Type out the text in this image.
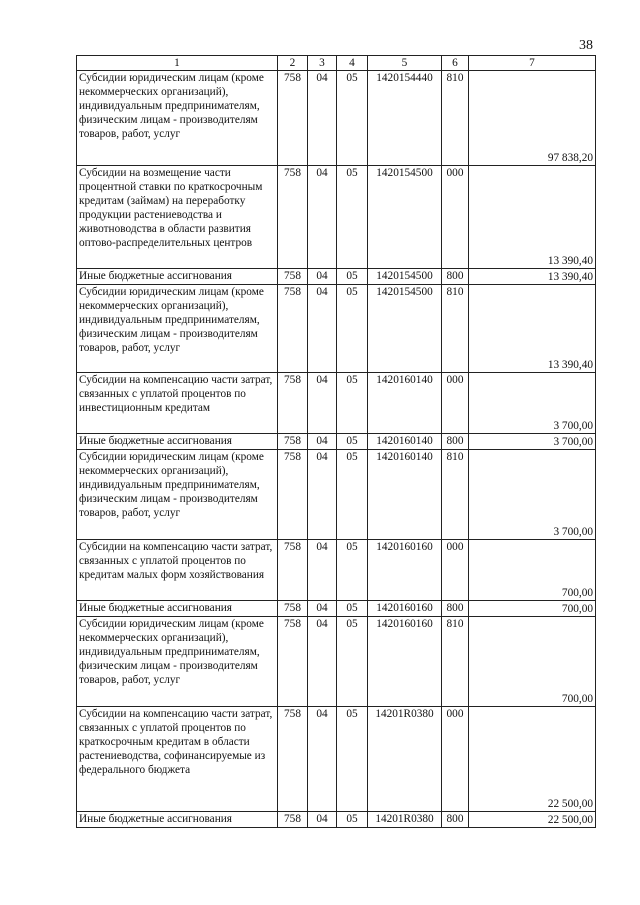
38
1	2	3	4	5	6	7
Субсидии юридическим лицам (кроме некоммерческих организаций), индивидуальным предпринимателям, физическим лицам - производителям товаров, работ, услуг	758	04	05	1420154440	810	97 838,20
Субсидии на возмещение части процентной ставки по краткосрочным кредитам (займам) на переработку продукции растениеводства и животноводства в области развития оптово-распределительных центров	758	04	05	1420154500	000	13 390,40
Иные бюджетные ассигнования	758	04	05	1420154500	800	13 390,40
Субсидии юридическим лицам (кроме некоммерческих организаций), индивидуальным предпринимателям, физическим лицам - производителям товаров, работ, услуг	758	04	05	1420154500	810	13 390,40
Субсидии на компенсацию части затрат, связанных с уплатой процентов по инвестиционным кредитам	758	04	05	1420160140	000	3 700,00
Иные бюджетные ассигнования	758	04	05	1420160140	800	3 700,00
Субсидии юридическим лицам (кроме некоммерческих организаций), индивидуальным предпринимателям, физическим лицам - производителям товаров, работ, услуг	758	04	05	1420160140	810	3 700,00
Субсидии на компенсацию части затрат, связанных с уплатой процентов по кредитам малых форм хозяйствования	758	04	05	1420160160	000	700,00
Иные бюджетные ассигнования	758	04	05	1420160160	800	700,00
Субсидии юридическим лицам (кроме некоммерческих организаций), индивидуальным предпринимателям, физическим лицам - производителям товаров, работ, услуг	758	04	05	1420160160	810	700,00
Субсидии на компенсацию части затрат, связанных с уплатой процентов по краткосрочным кредитам в области растениеводства, софинансируемые из федерального бюджета	758	04	05	14201R0380	000	22 500,00
Иные бюджетные ассигнования	758	04	05	14201R0380	800	22 500,00
